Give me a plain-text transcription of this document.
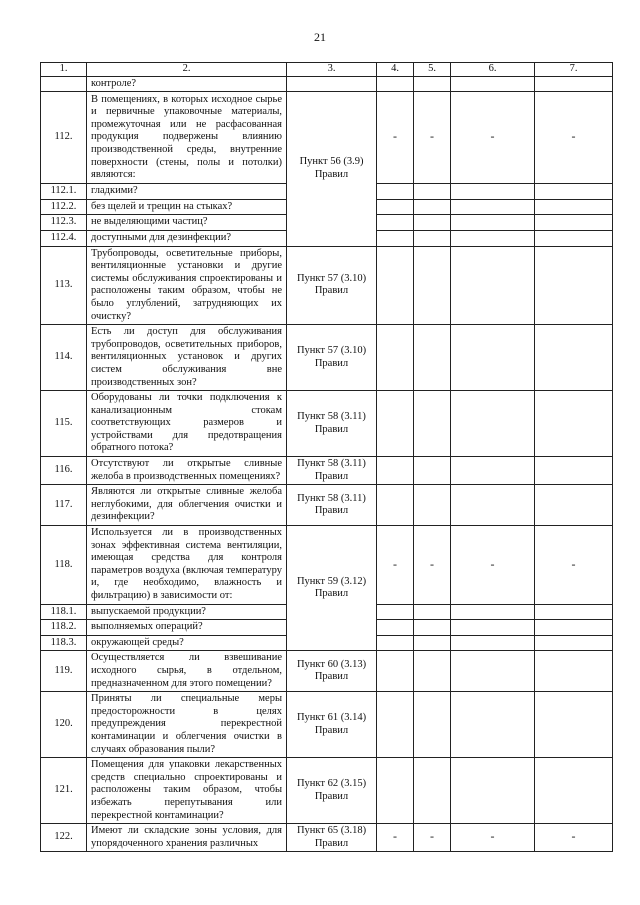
21
1.	2.	3.	4.	5.	6.	7.
	контроле?					
112.	В помещениях, в которых исходное сырье и первичные упаковочные материалы, промежуточная или не расфасованная продукция подвержены влиянию производственной среды, внутренние поверхности (стены, полы и потолки) являются:	Пункт 56 (3.9) Правил	-	-	-	-
112.1.	гладкими?					
112.2.	без щелей и трещин на стыках?					
112.3.	не выделяющими частиц?					
112.4.	доступными для дезинфекции?					
113.	Трубопроводы, осветительные приборы, вентиляционные установки и другие системы обслуживания спроектированы и расположены таким образом, чтобы не было углублений, затрудняющих их очистку?	Пункт 57 (3.10) Правил				
114.	Есть ли доступ для обслуживания трубопроводов, осветительных приборов, вентиляционных установок и других систем обслуживания вне производственных зон?	Пункт 57 (3.10) Правил				
115.	Оборудованы ли точки подключения к канализационным стокам соответствующих размеров и устройствами для предотвращения обратного потока?	Пункт 58 (3.11) Правил				
116.	Отсутствуют ли открытые сливные желоба в производственных помещениях?	Пункт 58 (3.11) Правил				
117.	Являются ли открытые сливные желоба неглубокими, для облегчения очистки и дезинфекции?	Пункт 58 (3.11) Правил				
118.	Используется ли в производственных зонах эффективная система вентиляции, имеющая средства для контроля параметров воздуха (включая температуру и, где необходимо, влажность и фильтрацию) в зависимости от:	Пункт 59 (3.12) Правил	-	-	-	-
118.1.	выпускаемой продукции?					
118.2.	выполняемых операций?					
118.3.	окружающей среды?					
119.	Осуществляется ли взвешивание исходного сырья, в отдельном, предназначенном для этого помещении?	Пункт 60 (3.13) Правил				
120.	Приняты ли специальные меры предосторожности в целях предупреждения перекрестной контаминации и облегчения очистки в случаях образования пыли?	Пункт 61 (3.14) Правил				
121.	Помещения для упаковки лекарственных средств специально спроектированы и расположены таким образом, чтобы избежать перепутывания или перекрестной контаминации?	Пункт 62 (3.15) Правил				
122.	Имеют ли складские зоны условия, для упорядоченного хранения различных	Пункт 65 (3.18) Правил	-	-	-	-
